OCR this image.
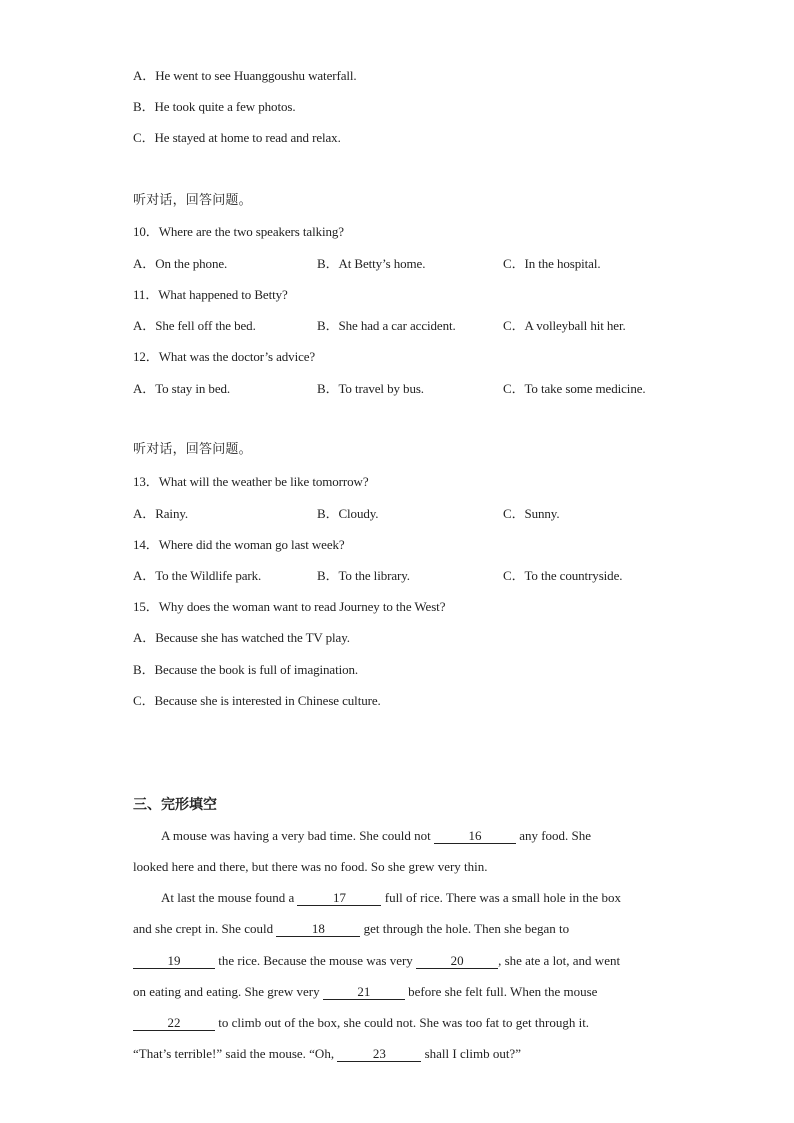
A．He went to see Huanggoushu waterfall.
B．He took quite a few photos.
C．He stayed at home to read and relax.
听对话，回答问题。
10．Where are the two speakers talking?
A．On the phone.	B．At Betty’s home.	C．In the hospital.
11．What happened to Betty?
A．She fell off the bed.	B．She had a car accident.	C．A volleyball hit her.
12．What was the doctor’s advice?
A．To stay in bed.	B．To travel by bus.	C．To take some medicine.
听对话，回答问题。
13．What will the weather be like tomorrow?
A．Rainy.	B．Cloudy.	C．Sunny.
14．Where did the woman go last week?
A．To the Wildlife park.	B．To the library.	C．To the countryside.
15．Why does the woman want to read Journey to the West?
A．Because she has watched the TV play.
B．Because the book is full of imagination.
C．Because she is interested in Chinese culture.
三、完形填空
A mouse was having a very bad time. She could not	16	any food. She
looked here and there, but there was no food. So she grew very thin.
At last the mouse found a	17	full of rice. There was a small hole in the box
and she crept in. She could	18	get through the hole. Then she began to
19	the rice. Because the mouse was very	20	, she ate a lot, and went
on eating and eating. She grew very	21	before she felt full. When the mouse
22	to climb out of the box, she could not. She was too fat to get through it.
“That’s terrible!” said the mouse. “Oh,	23	shall I climb out?”
